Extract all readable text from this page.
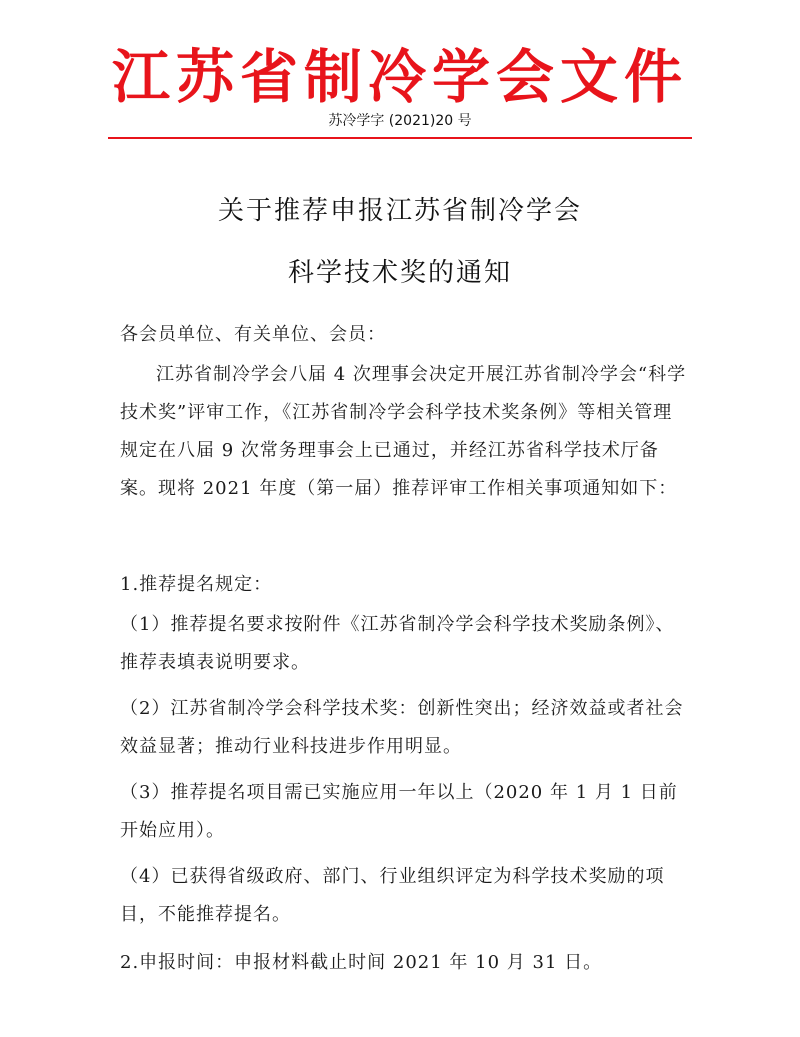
江苏省制冷学会文件
苏冷学字 (2021)20 号
关于推荐申报江苏省制冷学会
科学技术奖的通知
各会员单位、有关单位、会员：
江苏省制冷学会八届 4 次理事会决定开展江苏省制冷学会“科学技术奖”评审工作，《江苏省制冷学会科学技术奖条例》等相关管理规定在八届 9 次常务理事会上已通过，并经江苏省科学技术厅备案。现将 2021 年度（第一届）推荐评审工作相关事项通知如下：
1.推荐提名规定：
（1）推荐提名要求按附件《江苏省制冷学会科学技术奖励条例》、推荐表填表说明要求。
（2）江苏省制冷学会科学技术奖：创新性突出；经济效益或者社会效益显著；推动行业科技进步作用明显。
（3）推荐提名项目需已实施应用一年以上（2020 年 1 月 1 日前开始应用）。
（4）已获得省级政府、部门、行业组织评定为科学技术奖励的项目，不能推荐提名。
2.申报时间：申报材料截止时间 2021 年 10 月 31 日。
